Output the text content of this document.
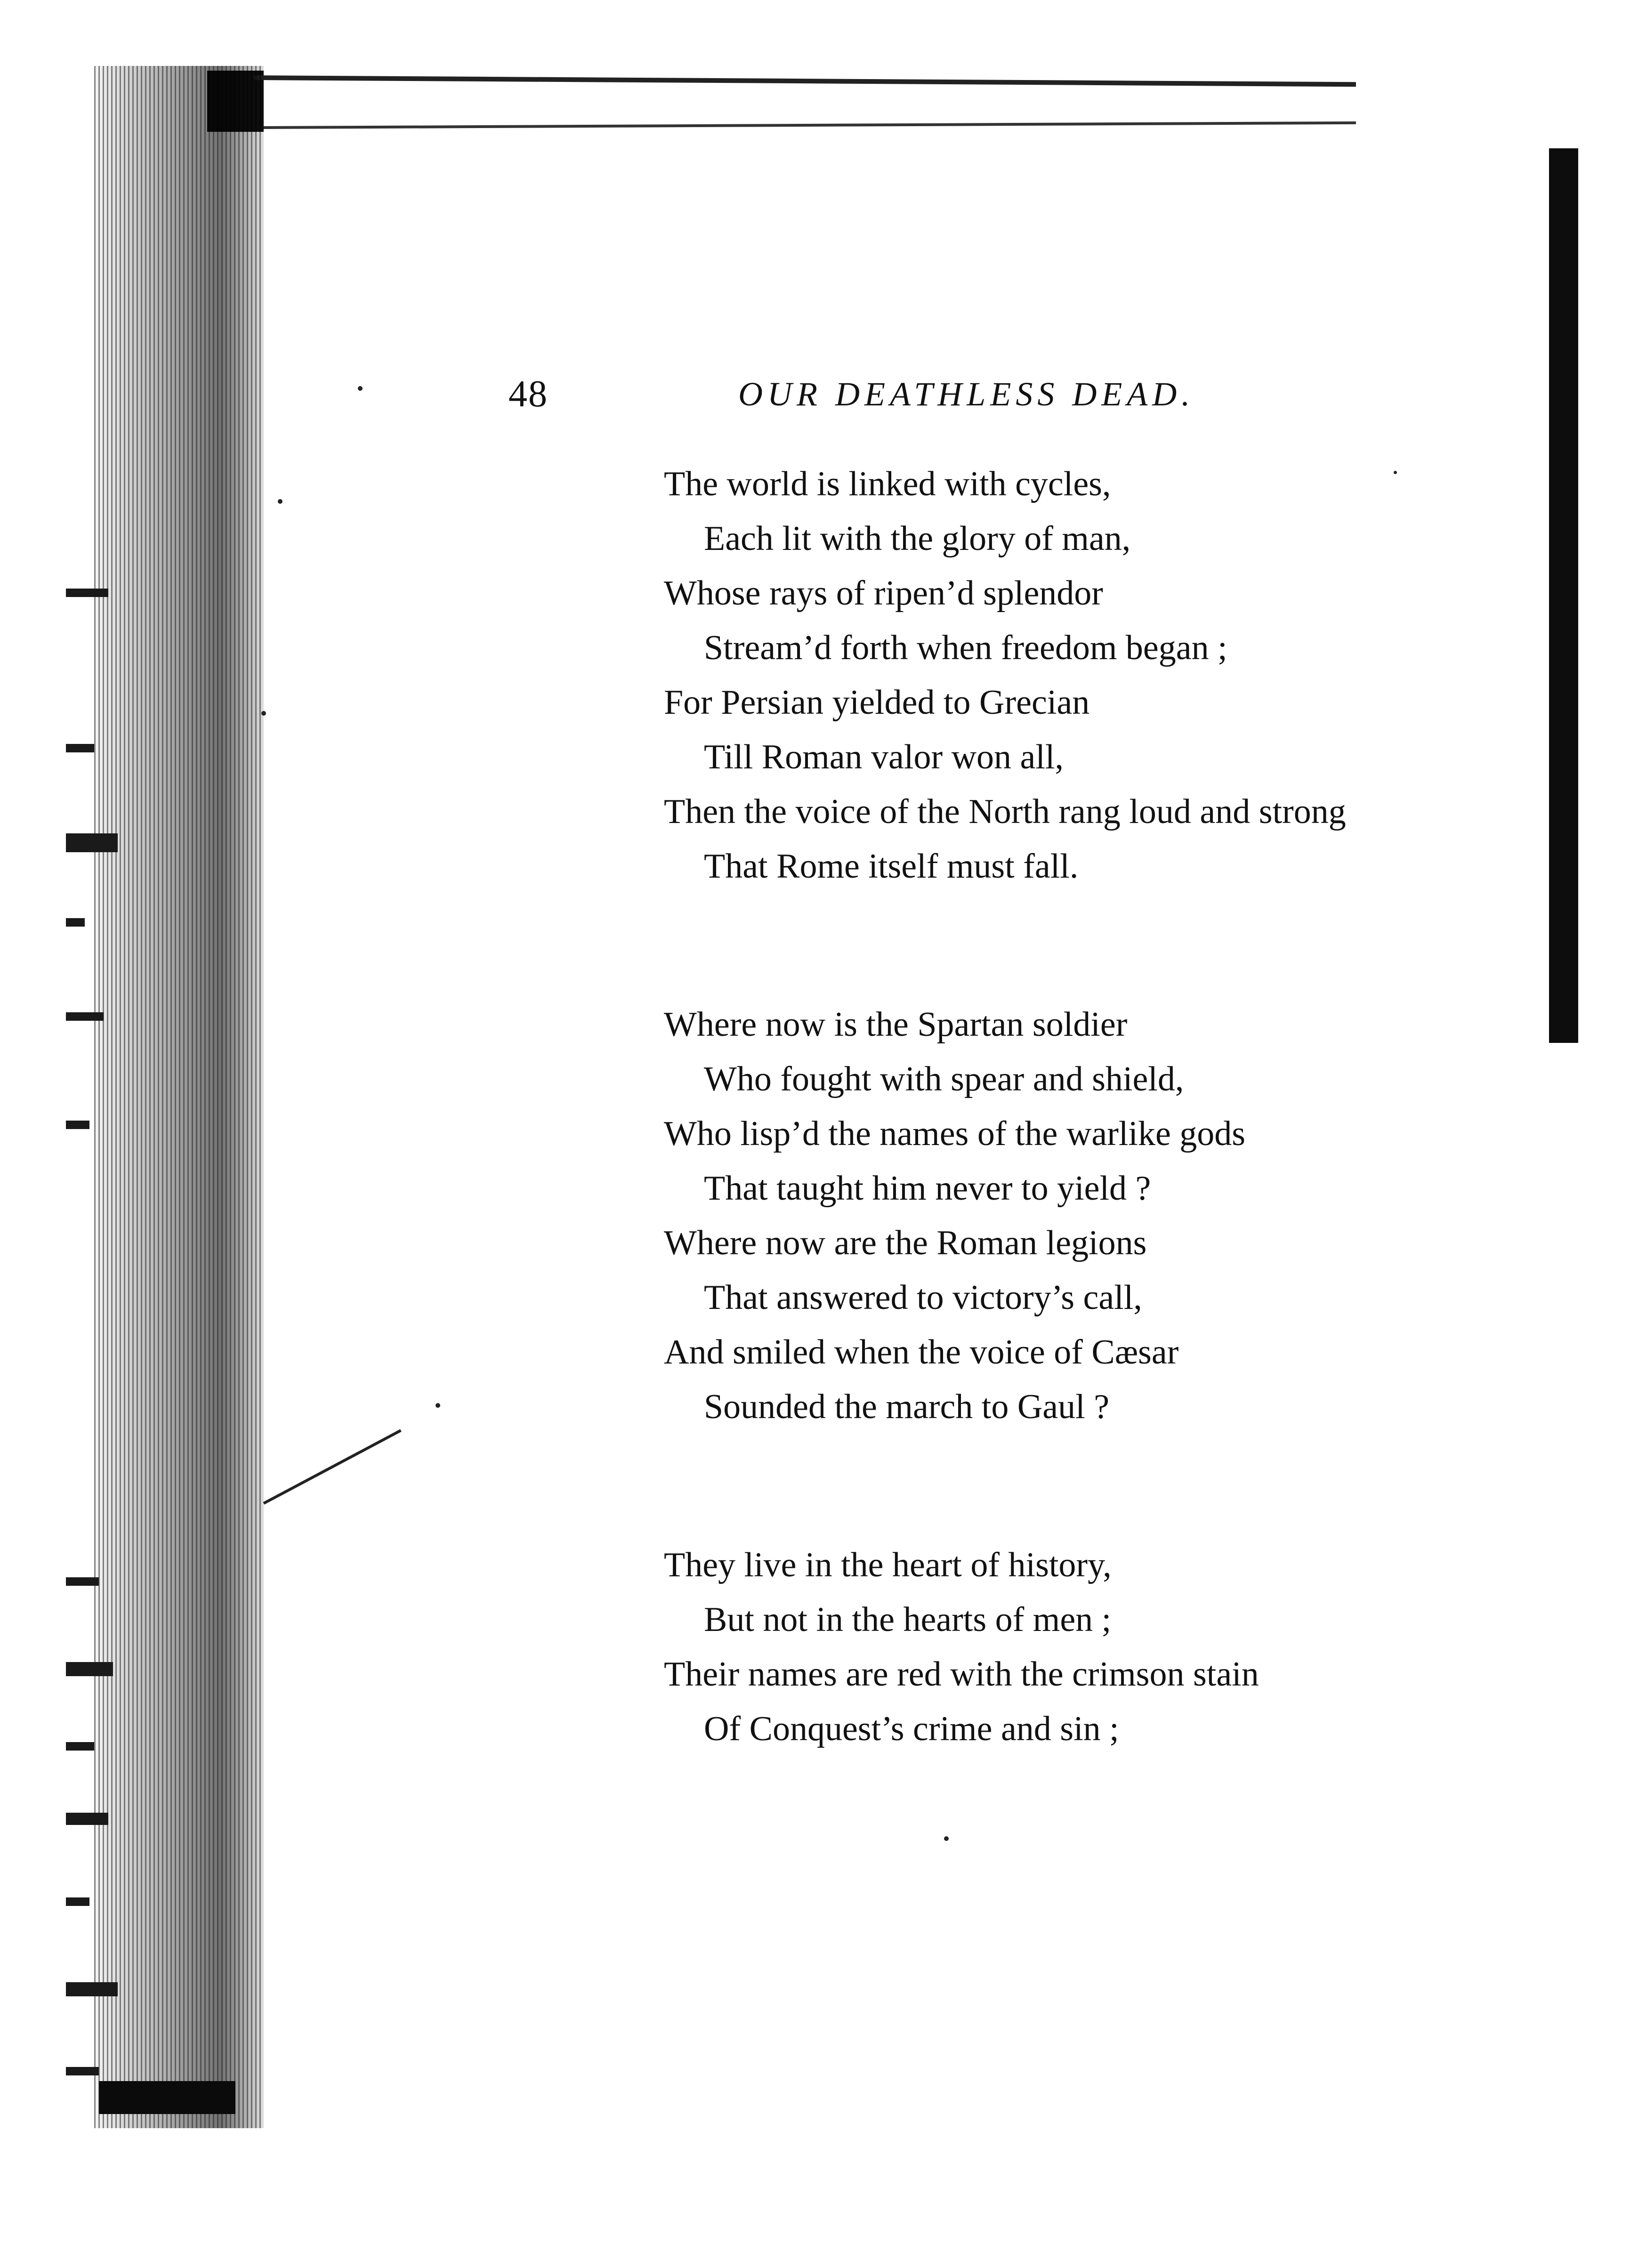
48	OUR DEATHLESS DEAD.
The world is linked with cycles,
Each lit with the glory of man,
Whose rays of ripen’d splendor
Stream’d forth when freedom began ;
For Persian yielded to Grecian
Till Roman valor won all,
Then the voice of the North rang loud and strong
That Rome itself must fall.
Where now is the Spartan soldier
Who fought with spear and shield,
Who lisp’d the names of the warlike gods
That taught him never to yield ?
Where now are the Roman legions
That answered to victory’s call,
And smiled when the voice of Cæsar
Sounded the march to Gaul ?
They live in the heart of history,
But not in the hearts of men ;
Their names are red with the crimson stain
Of Conquest’s crime and sin ;
